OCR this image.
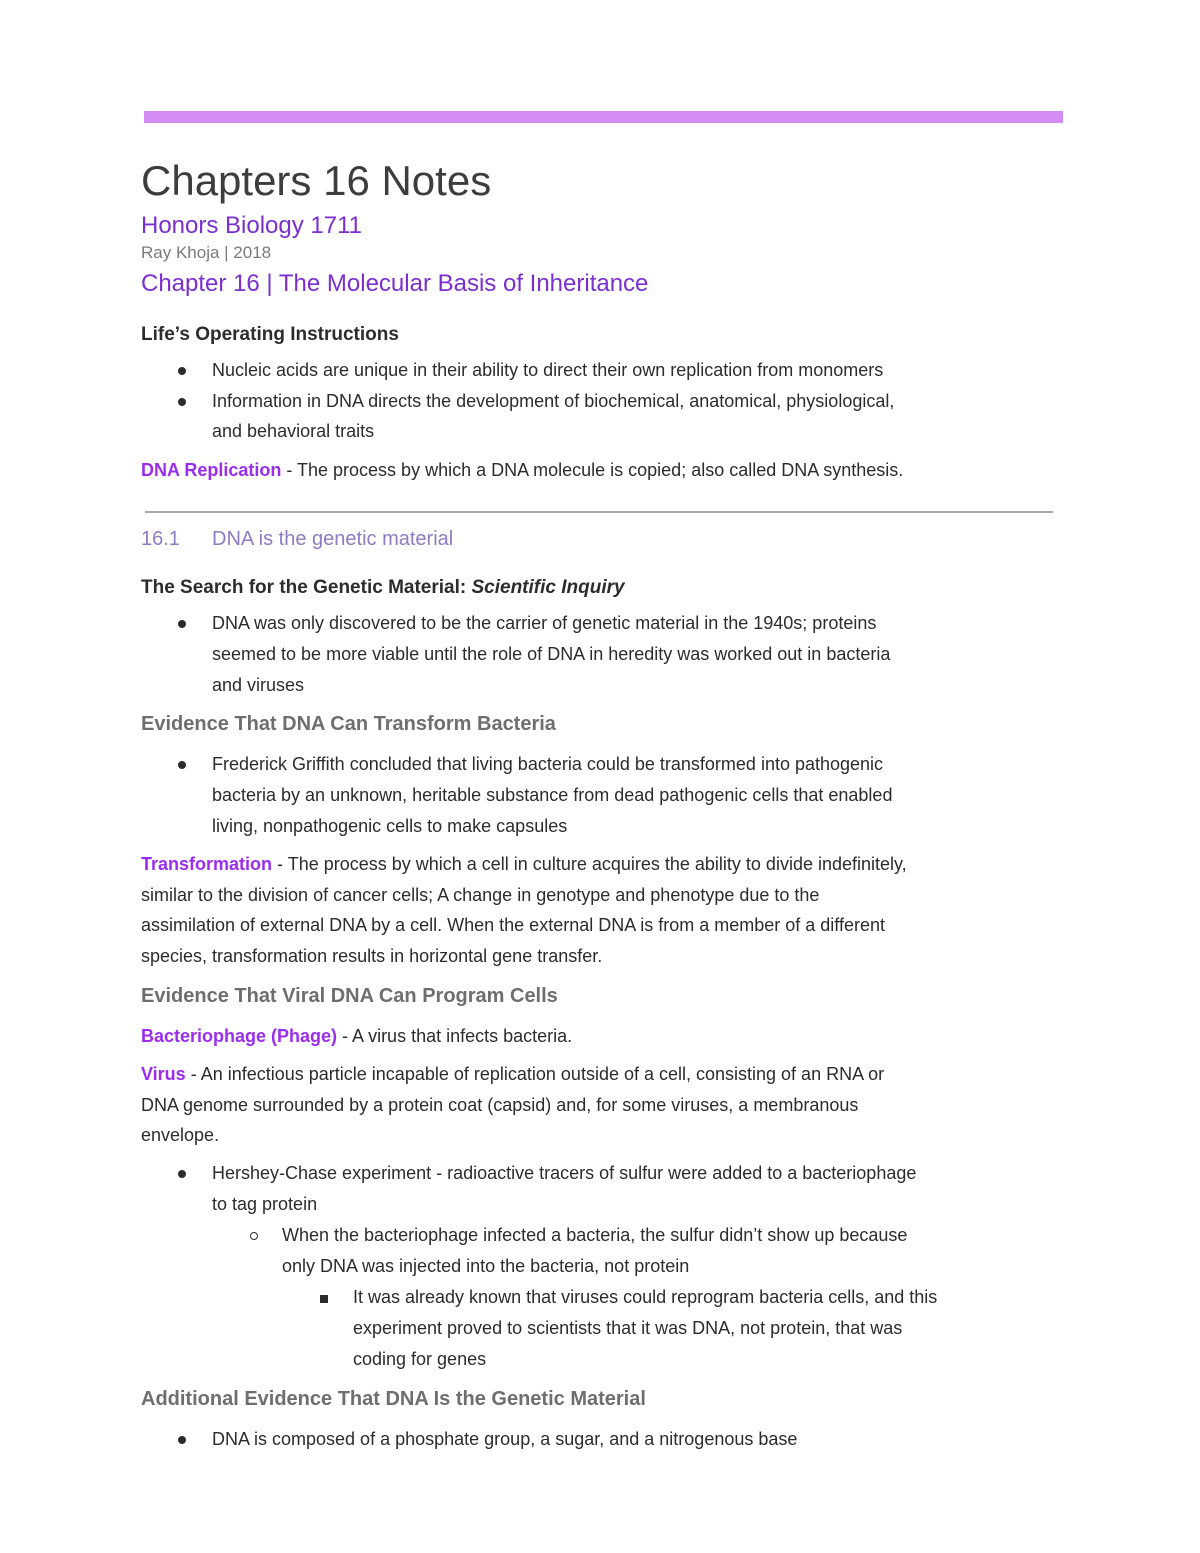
Chapters 16 Notes
Honors Biology 1711
Ray Khoja | 2018
Chapter 16 | The Molecular Basis of Inheritance
Life’s Operating Instructions
Nucleic acids are unique in their ability to direct their own replication from monomers
Information in DNA directs the development of biochemical, anatomical, physiological,
and behavioral traits
DNA Replication - The process by which a DNA molecule is copied; also called DNA synthesis.
16.1 DNA is the genetic material
The Search for the Genetic Material: Scientific Inquiry
DNA was only discovered to be the carrier of genetic material in the 1940s; proteins
seemed to be more viable until the role of DNA in heredity was worked out in bacteria
and viruses
Evidence That DNA Can Transform Bacteria
Frederick Griffith concluded that living bacteria could be transformed into pathogenic
bacteria by an unknown, heritable substance from dead pathogenic cells that enabled
living, nonpathogenic cells to make capsules
Transformation - The process by which a cell in culture acquires the ability to divide indefinitely,
similar to the division of cancer cells; A change in genotype and phenotype due to the
assimilation of external DNA by a cell. When the external DNA is from a member of a different
species, transformation results in horizontal gene transfer.
Evidence That Viral DNA Can Program Cells
Bacteriophage (Phage) - A virus that infects bacteria.
Virus - An infectious particle incapable of replication outside of a cell, consisting of an RNA or
DNA genome surrounded by a protein coat (capsid) and, for some viruses, a membranous
envelope.
Hershey-Chase experiment - radioactive tracers of sulfur were added to a bacteriophage
to tag protein
When the bacteriophage infected a bacteria, the sulfur didn’t show up because
only DNA was injected into the bacteria, not protein
It was already known that viruses could reprogram bacteria cells, and this
experiment proved to scientists that it was DNA, not protein, that was
coding for genes
Additional Evidence That DNA Is the Genetic Material
DNA is composed of a phosphate group, a sugar, and a nitrogenous base
